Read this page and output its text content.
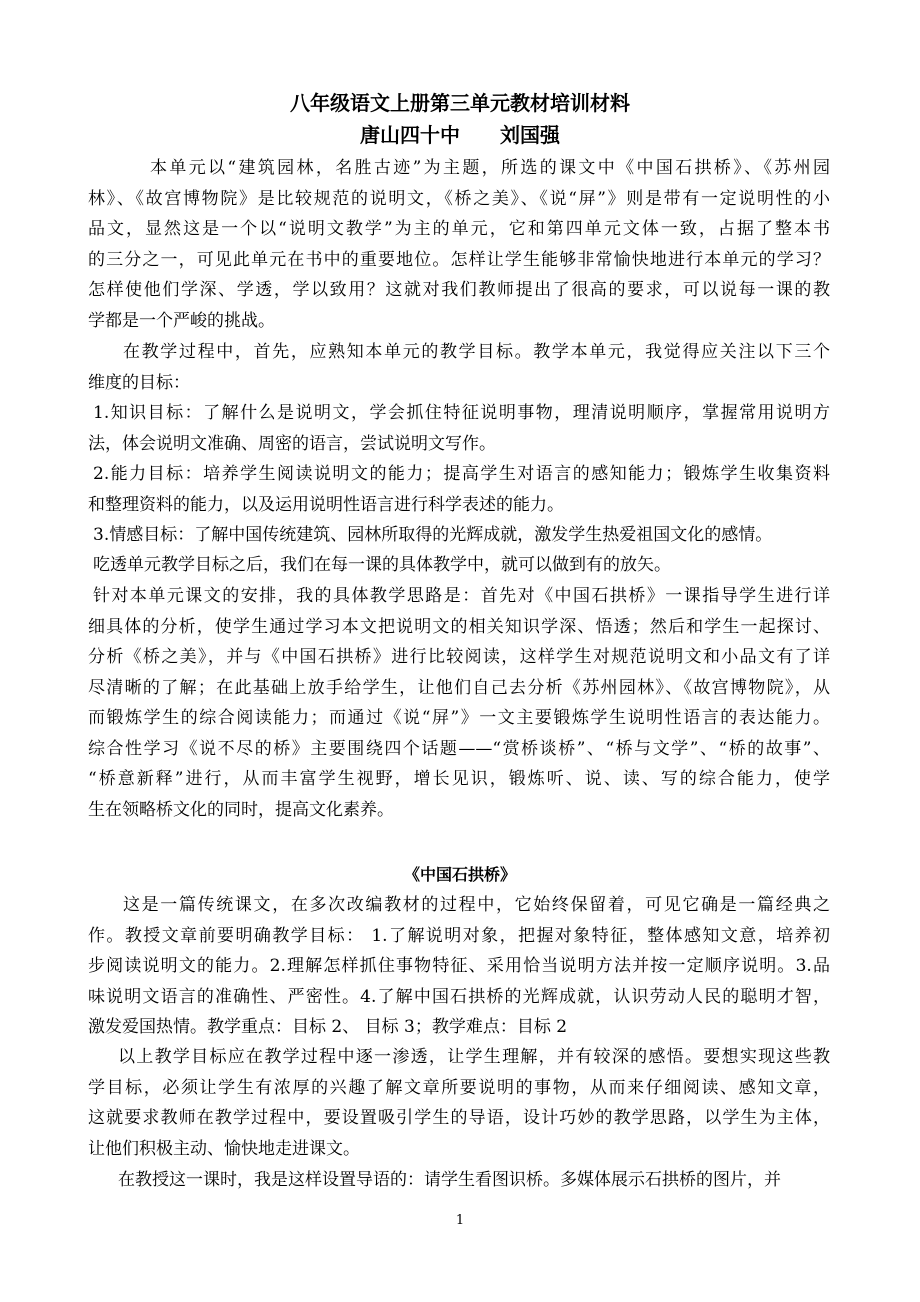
八年级语文上册第三单元教材培训材料
唐山四十中　　刘国强
本单元以“建筑园林，名胜古迹”为主题，所选的课文中《中国石拱桥》、《苏州园
林》、《故宫博物院》是比较规范的说明文，《桥之美》、《说“屏”》则是带有一定说明性的小
品文，显然这是一个以“说明文教学”为主的单元，它和第四单元文体一致，占据了整本书
的三分之一，可见此单元在书中的重要地位。怎样让学生能够非常愉快地进行本单元的学习？
怎样使他们学深、学透，学以致用？这就对我们教师提出了很高的要求，可以说每一课的教
学都是一个严峻的挑战。
在教学过程中，首先，应熟知本单元的教学目标。教学本单元，我觉得应关注以下三个
维度的目标：
1.知识目标：了解什么是说明文，学会抓住特征说明事物，理清说明顺序，掌握常用说明方
法，体会说明文准确、周密的语言，尝试说明文写作。
2.能力目标：培养学生阅读说明文的能力；提高学生对语言的感知能力；锻炼学生收集资料
和整理资料的能力，以及运用说明性语言进行科学表述的能力。
3.情感目标：了解中国传统建筑、园林所取得的光辉成就，激发学生热爱祖国文化的感情。
吃透单元教学目标之后，我们在每一课的具体教学中，就可以做到有的放矢。
针对本单元课文的安排，我的具体教学思路是：首先对《中国石拱桥》一课指导学生进行详
细具体的分析，使学生通过学习本文把说明文的相关知识学深、悟透；然后和学生一起探讨、
分析《桥之美》，并与《中国石拱桥》进行比较阅读，这样学生对规范说明文和小品文有了详
尽清晰的了解；在此基础上放手给学生，让他们自己去分析《苏州园林》、《故宫博物院》，从
而锻炼学生的综合阅读能力；而通过《说“屏”》一文主要锻炼学生说明性语言的表达能力。
综合性学习《说不尽的桥》主要围绕四个话题——“赏桥谈桥”、“桥与文学”、“桥的故事”、
“桥意新释”进行，从而丰富学生视野，增长见识，锻炼听、说、读、写的综合能力，使学
生在领略桥文化的同时，提高文化素养。
《中国石拱桥》
这是一篇传统课文，在多次改编教材的过程中，它始终保留着，可见它确是一篇经典之
作。教授文章前要明确教学目标： 1.了解说明对象，把握对象特征，整体感知文意，培养初
步阅读说明文的能力。2.理解怎样抓住事物特征、采用恰当说明方法并按一定顺序说明。3.品
味说明文语言的准确性、严密性。4.了解中国石拱桥的光辉成就，认识劳动人民的聪明才智，
激发爱国热情。教学重点：目标 2、 目标 3；教学难点：目标 2
以上教学目标应在教学过程中逐一渗透，让学生理解，并有较深的感悟。要想实现这些教
学目标，必须让学生有浓厚的兴趣了解文章所要说明的事物，从而来仔细阅读、感知文章，
这就要求教师在教学过程中，要设置吸引学生的导语，设计巧妙的教学思路，以学生为主体，
让他们积极主动、愉快地走进课文。
在教授这一课时，我是这样设置导语的：请学生看图识桥。多媒体展示石拱桥的图片，并
1
